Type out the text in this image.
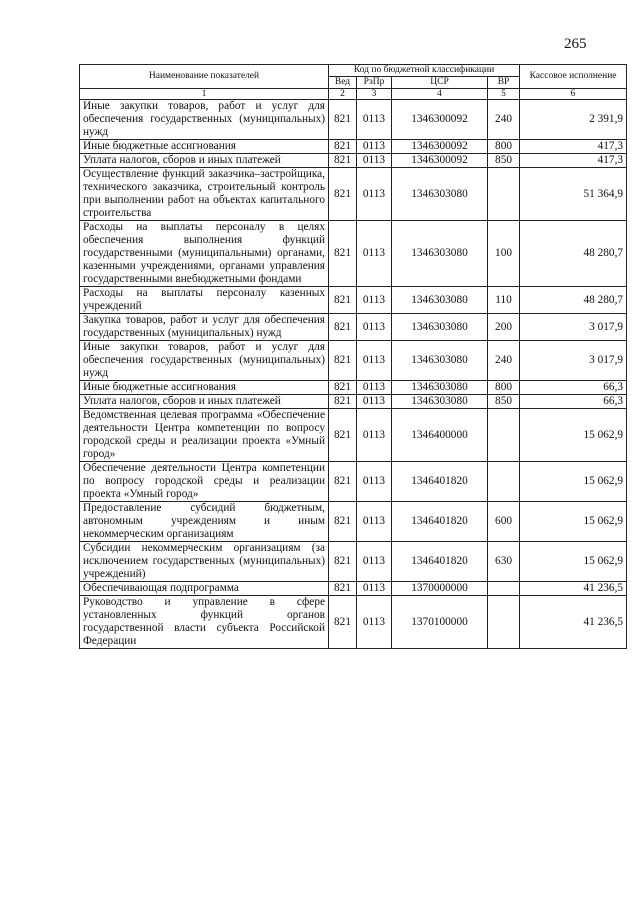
265
Наименование показателей	Код по бюджетной классификации				Кассовое исполнение
	Вед	РзПр	ЦСР	ВР	
1	2	3	4	5	6
Иные закупки товаров, работ и услуг для обеспечения государственных (муниципальных) нужд	821	0113	1346300092	240	2 391,9
Иные бюджетные ассигнования	821	0113	1346300092	800	417,3
Уплата налогов, сборов и иных платежей	821	0113	1346300092	850	417,3
Осуществление функций заказчика–застройщика, технического заказчика, строительный контроль при выполнении работ на объектах капитального строительства	821	0113	1346303080		51 364,9
Расходы на выплаты персоналу в целях обеспечения выполнения функций государственными (муниципальными) органами, казенными учреждениями, органами управления государственными внебюджетными фондами	821	0113	1346303080	100	48 280,7
Расходы на выплаты персоналу казенных учреждений	821	0113	1346303080	110	48 280,7
Закупка товаров, работ и услуг для обеспечения государственных (муниципальных) нужд	821	0113	1346303080	200	3 017,9
Иные закупки товаров, работ и услуг для обеспечения государственных (муниципальных) нужд	821	0113	1346303080	240	3 017,9
Иные бюджетные ассигнования	821	0113	1346303080	800	66,3
Уплата налогов, сборов и иных платежей	821	0113	1346303080	850	66,3
Ведомственная целевая программа «Обеспечение деятельности Центра компетенции по вопросу городской среды и реализации проекта «Умный город»	821	0113	1346400000		15 062,9
Обеспечение деятельности Центра компетенции по вопросу городской среды и реализации проекта «Умный город»	821	0113	1346401820		15 062,9
Предоставление субсидий бюджетным, автономным учреждениям и иным некоммерческим организациям	821	0113	1346401820	600	15 062,9
Субсидии некоммерческим организациям (за исключением государственных (муниципальных) учреждений)	821	0113	1346401820	630	15 062,9
Обеспечивающая подпрограмма	821	0113	1370000000		41 236,5
Руководство и управление в сфере установленных функций органов государственной власти субъекта Российской Федерации	821	0113	1370100000		41 236,5
